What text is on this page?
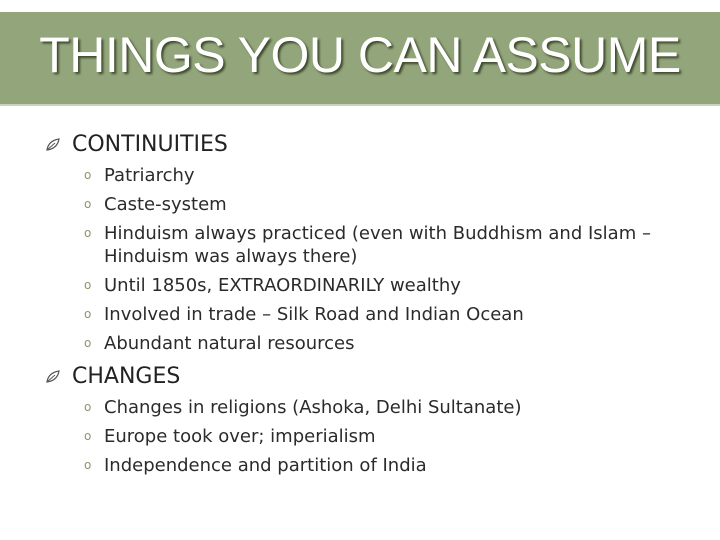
THINGS YOU CAN ASSUME
CONTINUITIES
o Patriarchy
o Caste-system
o Hinduism always practiced (even with Buddhism and Islam – Hinduism was always there)
o Until 1850s, EXTRAORDINARILY wealthy
o Involved in trade – Silk Road and Indian Ocean
o Abundant natural resources
CHANGES
o Changes in religions (Ashoka, Delhi Sultanate)
o Europe took over; imperialism
o Independence and partition of India
